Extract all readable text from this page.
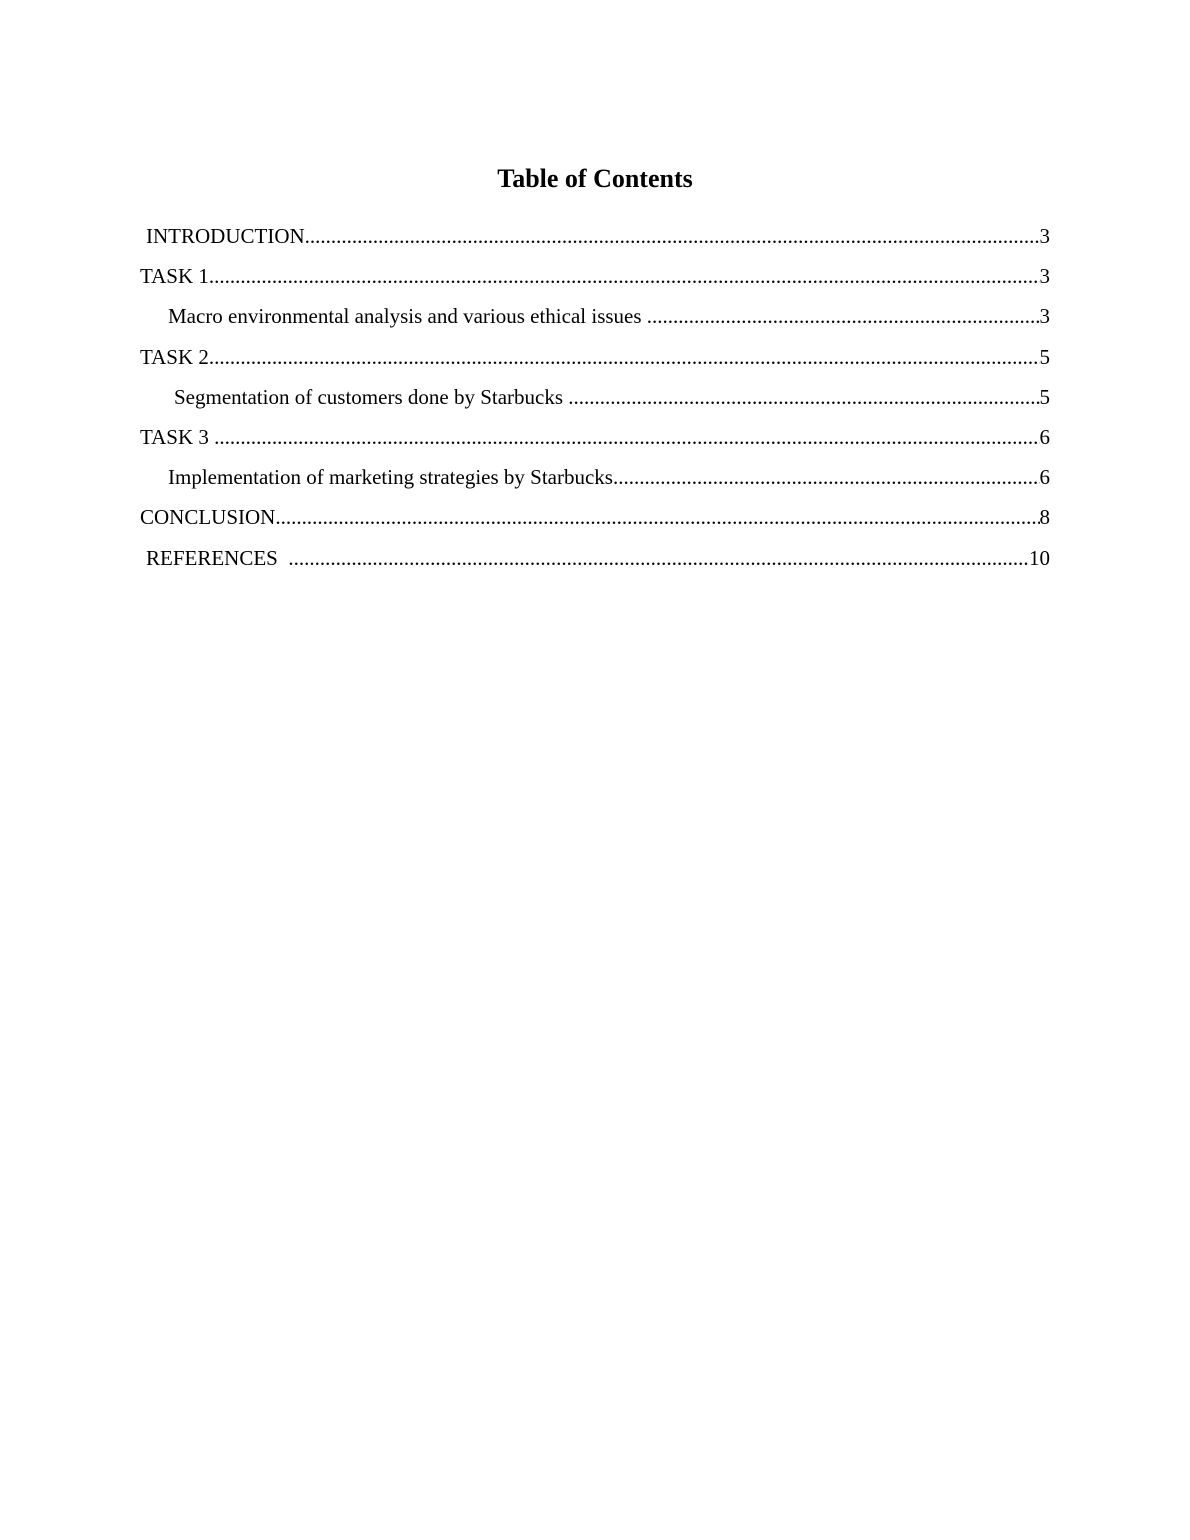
Table of Contents
INTRODUCTION .....	3
TASK 1 .....	3
Macro environmental analysis and various ethical issues .....	3
TASK 2 .....	5
Segmentation of customers done by Starbucks .....	5
TASK 3 .....	6
Implementation of marketing strategies by Starbucks .....	6
CONCLUSION .....	8
REFERENCES .....	10
